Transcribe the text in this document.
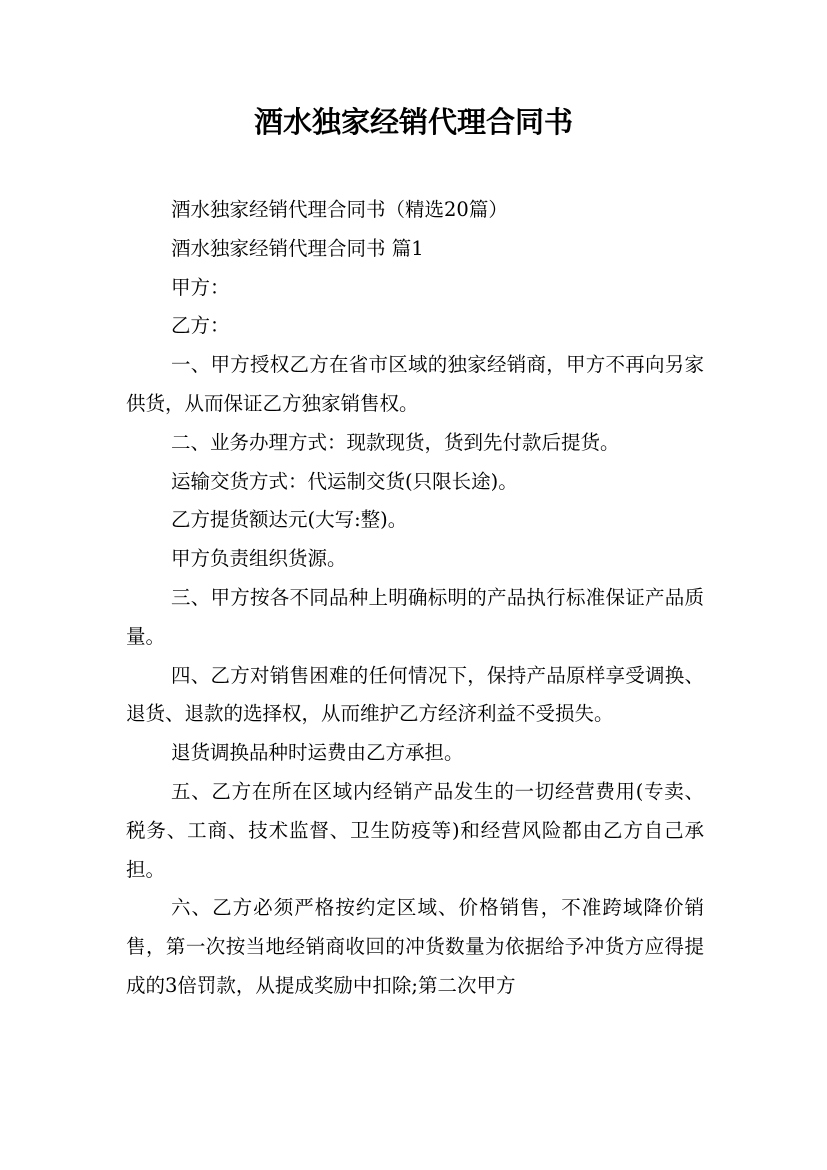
酒水独家经销代理合同书

酒水独家经销代理合同书（精选20篇）

酒水独家经销代理合同书 篇1

甲方：

乙方：

一、甲方授权乙方在省市区域的独家经销商，甲方不再向另家供货，从而保证乙方独家销售权。

二、业务办理方式：现款现货，货到先付款后提货。

运输交货方式：代运制交货(只限长途)。

乙方提货额达元(大写:整)。

甲方负责组织货源。

三、甲方按各不同品种上明确标明的产品执行标准保证产品质量。

四、乙方对销售困难的任何情况下，保持产品原样享受调换、退货、退款的选择权，从而维护乙方经济利益不受损失。

退货调换品种时运费由乙方承担。

五、乙方在所在区域内经销产品发生的一切经营费用(专卖、税务、工商、技术监督、卫生防疫等)和经营风险都由乙方自己承担。

六、乙方必须严格按约定区域、价格销售，不准跨域降价销售，第一次按当地经销商收回的冲货数量为依据给予冲货方应得提成的3倍罚款，从提成奖励中扣除;第二次甲方
